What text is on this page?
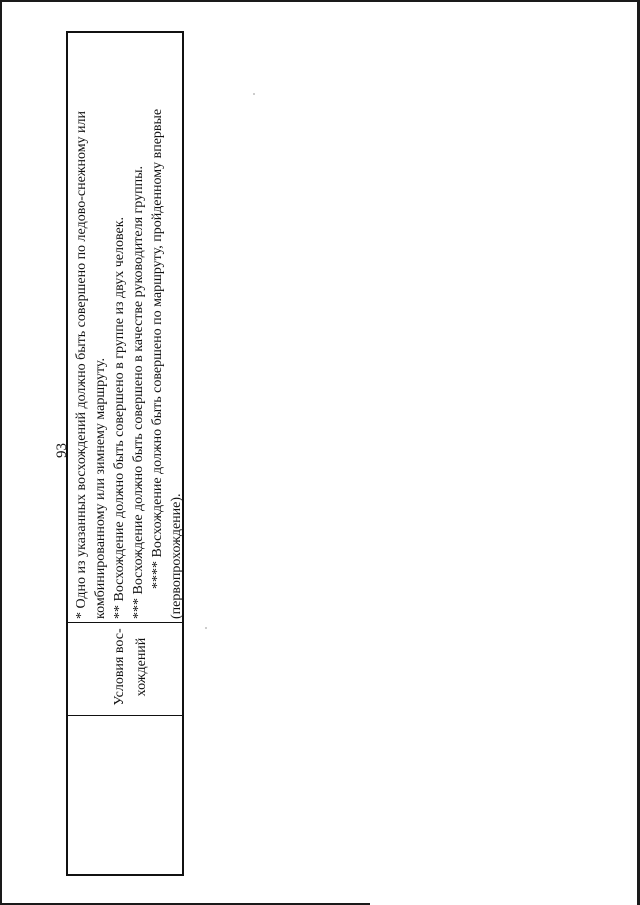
93
Условия вос- хождений

* Одно из указанных восхождений должно быть совершено по ледово-снежному или комбинированному или зимнему маршруту. ** Восхождение должно быть совершено в группе из двух человек. *** Восхождение должно быть совершено в качестве руководителя группы. **** Восхождение должно быть совершено по маршруту, пройденному впервые (первопрохождение).
